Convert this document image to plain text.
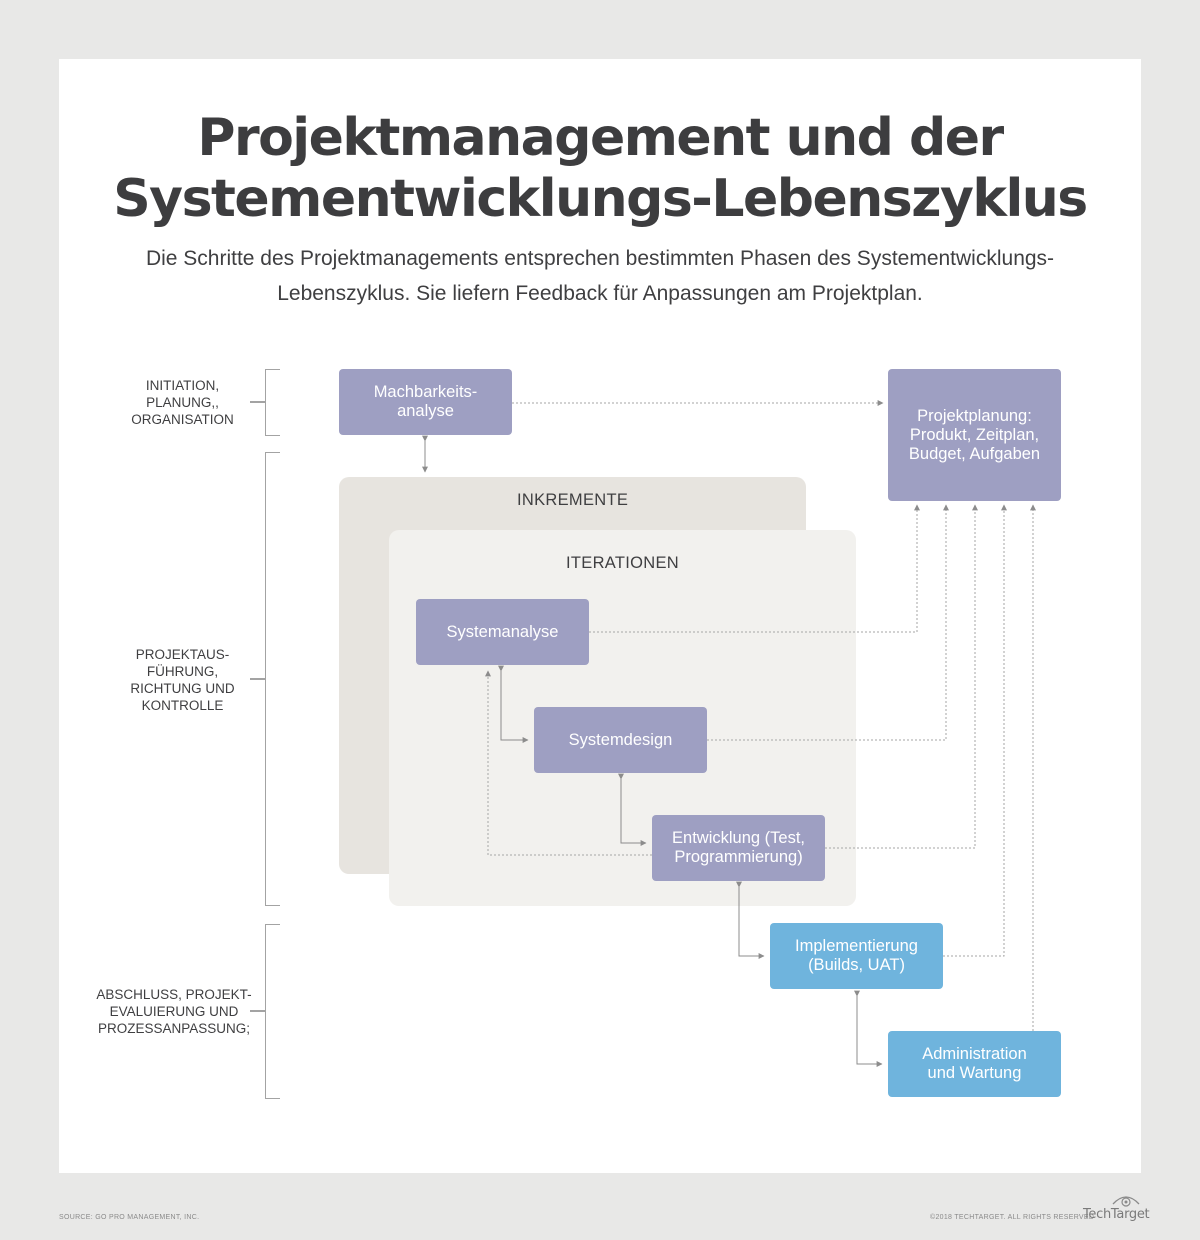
Projektmanagement und der
Systementwicklungs-Lebenszyklus
Die Schritte des Projektmanagements entsprechen bestimmten Phasen des Systementwicklungs-
Lebenszyklus. Sie liefern Feedback für Anpassungen am Projektplan.
INITIATION,
PLANUNG,,
ORGANISATION
PROJEKTAUS-
FÜHRUNG,
RICHTUNG UND
KONTROLLE
ABSCHLUSS, PROJEKT-
EVALUIERUNG UND
PROZESSANPASSUNG;
INKREMENTE
ITERATIONEN
Machbarkeits-
analyse	Projektplanung:
Produkt, Zeitplan,
Budget, Aufgaben
Systemanalyse
Systemdesign
Entwicklung (Test,
Programmierung)
Implementierung
(Builds, UAT)
Administration
und Wartung
SOURCE: GO PRO MANAGEMENT, INC.	©2018 TECHTARGET. ALL RIGHTS RESERVED
TechTarget
